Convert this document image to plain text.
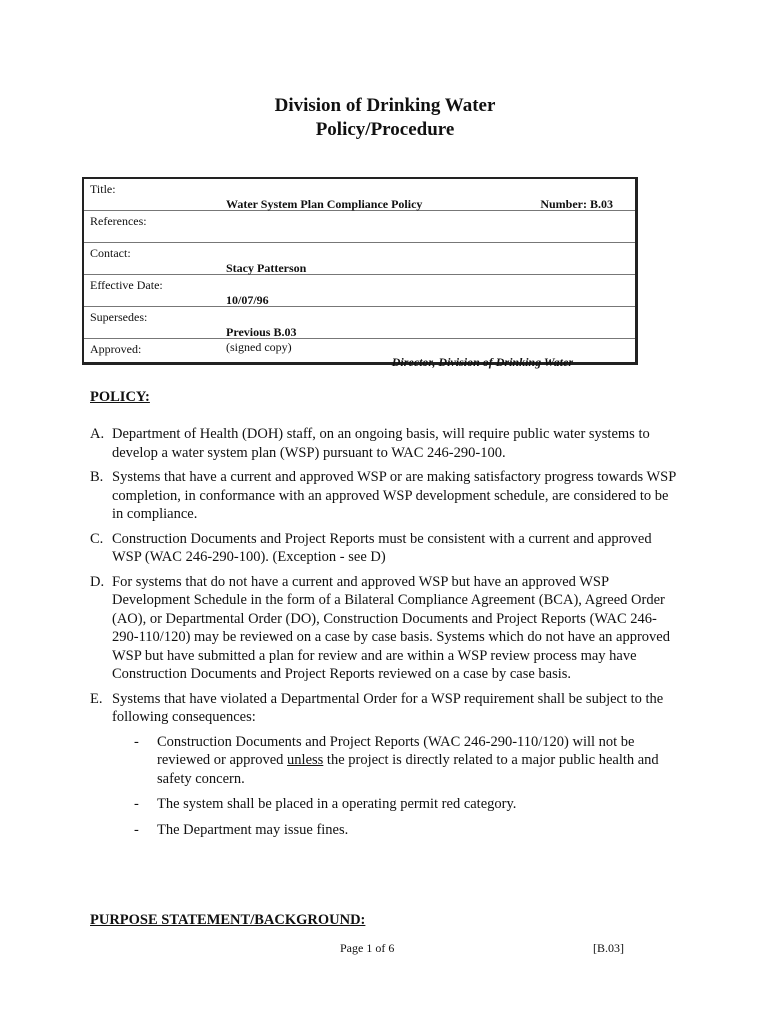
Division of Drinking Water
Policy/Procedure
Title:
Water System Plan Compliance Policy	Number: B.03
References:
Contact:
Stacy Patterson
Effective Date:
10/07/96
Supersedes:
Previous B.03
Approved:	(signed copy)
Director, Division of Drinking Water
POLICY:
A. Department of Health (DOH) staff, on an ongoing basis, will require public water systems to develop a water system plan (WSP) pursuant to WAC 246-290-100.
B. Systems that have a current and approved WSP or are making satisfactory progress towards WSP completion, in conformance with an approved WSP development schedule, are considered to be in compliance.
C. Construction Documents and Project Reports must be consistent with a current and approved WSP (WAC 246-290-100). (Exception - see D)
D. For systems that do not have a current and approved WSP but have an approved WSP Development Schedule in the form of a Bilateral Compliance Agreement (BCA), Agreed Order (AO), or Departmental Order (DO), Construction Documents and Project Reports (WAC 246-290-110/120) may be reviewed on a case by case basis. Systems which do not have an approved WSP but have submitted a plan for review and are within a WSP review process may have Construction Documents and Project Reports reviewed on a case by case basis.
E. Systems that have violated a Departmental Order for a WSP requirement shall be subject to the following consequences:
- Construction Documents and Project Reports (WAC 246-290-110/120) will not be reviewed or approved unless the project is directly related to a major public health and safety concern.
- The system shall be placed in a operating permit red category.
- The Department may issue fines.
PURPOSE STATEMENT/BACKGROUND:
Page 1 of 6	[B.03]
